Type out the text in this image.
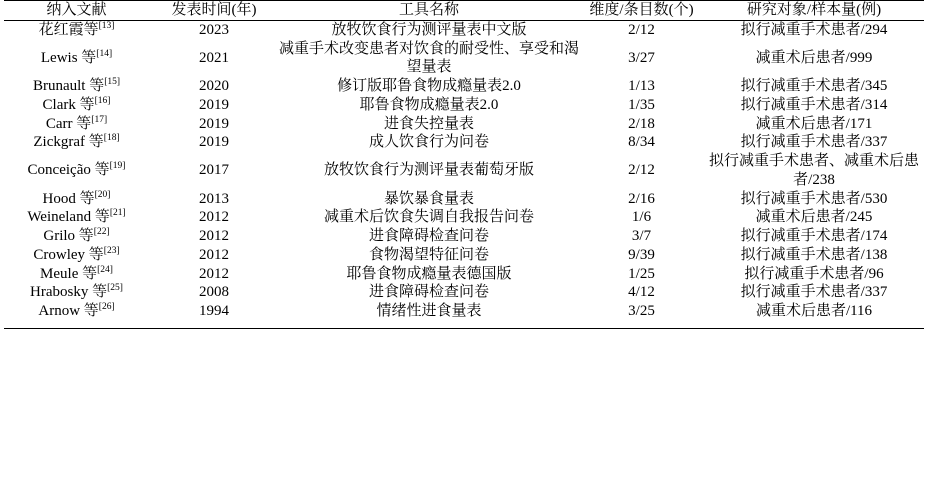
纳入文献	发表时间(年)	工具名称	维度/条目数(个)	研究对象/样本量(例)
花红霞等[13]	2023	放牧饮食行为测评量表中文版	2/12	拟行减重手术患者/294
Lewis 等[14]	2021	减重手术改变患者对饮食的耐受性、享受和渴望量表	3/27	减重术后患者/999
Brunault 等[15]	2020	修订版耶鲁食物成瘾量表2.0	1/13	拟行减重手术患者/345
Clark 等[16]	2019	耶鲁食物成瘾量表2.0	1/35	拟行减重手术患者/314
Carr 等[17]	2019	进食失控量表	2/18	减重术后患者/171
Zickgraf 等[18]	2019	成人饮食行为问卷	8/34	拟行减重手术患者/337
Conceição 等[19]	2017	放牧饮食行为测评量表葡萄牙版	2/12	拟行减重手术患者、减重术后患者/238
Hood 等[20]	2013	暴饮暴食量表	2/16	拟行减重手术患者/530
Weineland 等[21]	2012	减重术后饮食失调自我报告问卷	1/6	减重术后患者/245
Grilo 等[22]	2012	进食障碍检查问卷	3/7	拟行减重手术患者/174
Crowley 等[23]	2012	食物渴望特征问卷	9/39	拟行减重手术患者/138
Meule 等[24]	2012	耶鲁食物成瘾量表德国版	1/25	拟行减重手术患者/96
Hrabosky 等[25]	2008	进食障碍检查问卷	4/12	拟行减重手术患者/337
Arnow 等[26]	1994	情绪性进食量表	3/25	减重术后患者/116
